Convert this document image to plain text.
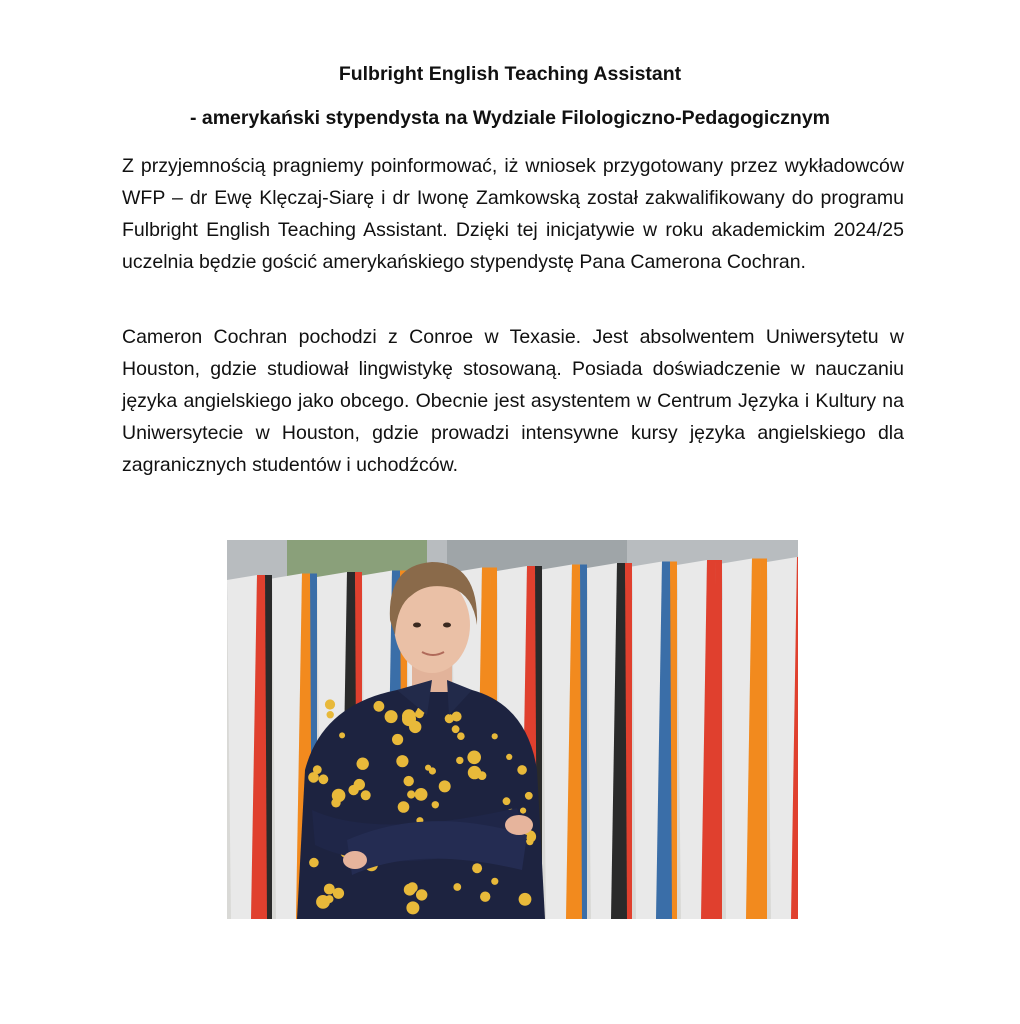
Fulbright English Teaching Assistant
- amerykański stypendysta na Wydziale Filologiczno-Pedagogicznym

Z przyjemnością pragniemy poinformować, iż wniosek przygotowany przez wykładowców WFP – dr Ewę Klęczaj-Siarę i dr Iwonę Zamkowską został zakwalifikowany do programu Fulbright English Teaching Assistant. Dzięki tej inicjatywie w roku akademickim 2024/25 uczelnia będzie gościć amerykańskiego stypendystę Pana Camerona Cochran.

Cameron Cochran pochodzi z Conroe w Texasie. Jest absolwentem Uniwersytetu w Houston, gdzie studiował lingwistykę stosowaną. Posiada doświadczenie w nauczaniu języka angielskiego jako obcego. Obecnie jest asystentem w Centrum Języka i Kultury na Uniwersytecie w Houston, gdzie prowadzi intensywne kursy języka angielskiego dla zagranicznych studentów i uchodźców.
